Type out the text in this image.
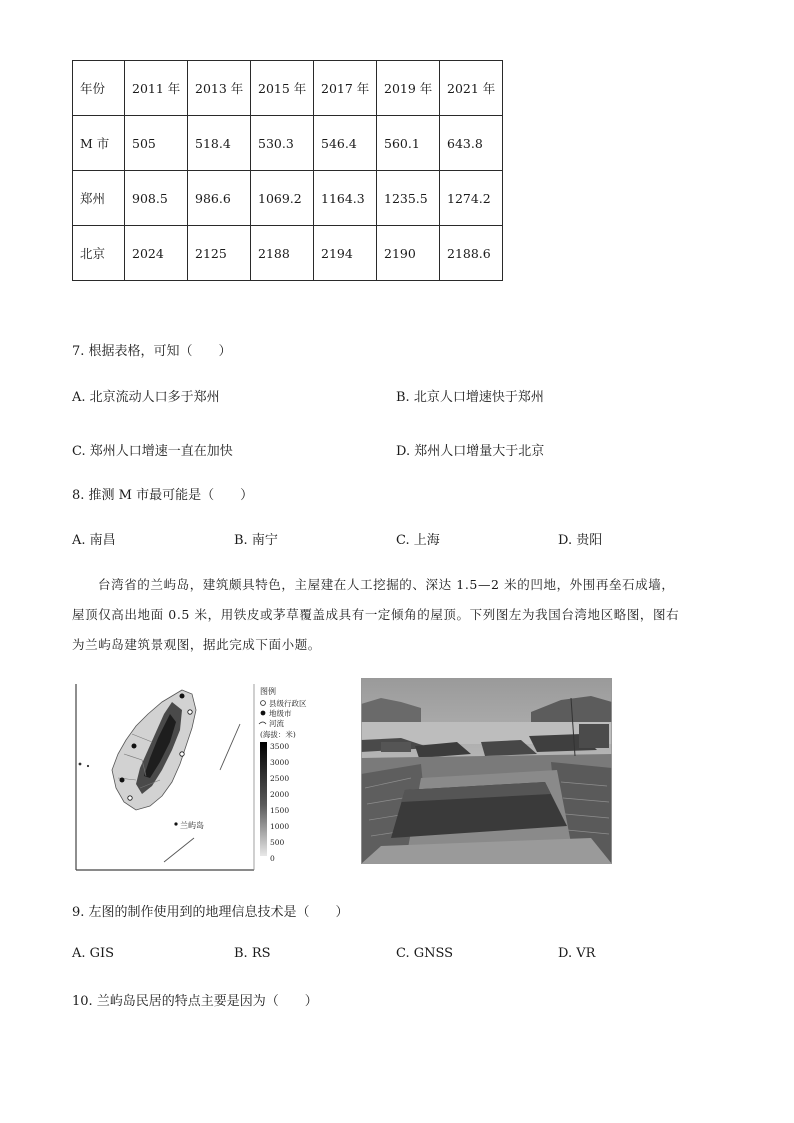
年份	2011 年	2013 年	2015 年	2017 年	2019 年	2021 年
M 市	505	518.4	530.3	546.4	560.1	643.8
郑州	908.5	986.6	1069.2	1164.3	1235.5	1274.2
北京	2024	2125	2188	2194	2190	2188.6
7. 根据表格，可知（　　）
A. 北京流动人口多于郑州	B. 北京人口增速快于郑州
C. 郑州人口增速一直在加快	D. 郑州人口增量大于北京
8. 推测 M 市最可能是（　　）
A. 南昌	B. 南宁	C. 上海	D. 贵阳

台湾省的兰屿岛，建筑颇具特色，主屋建在人工挖掘的、深达 1.5—2 米的凹地，外围再垒石成墙，

屋顶仅高出地面 0.5 米，用铁皮或茅草覆盖成具有一定倾角的屋顶。下列图左为我国台湾地区略图，图右

为兰屿岛建筑景观图，据此完成下面小题。

兰屿岛
图例
县级行政区
地级市
河流
(海拔：米)
3500
3000
2500
2000
1500
1000
500
0
9. 左图的制作使用到的地理信息技术是（　　）
A. GIS	B. RS	C. GNSS	D. VR
10. 兰屿岛民居的特点主要是因为（　　）
